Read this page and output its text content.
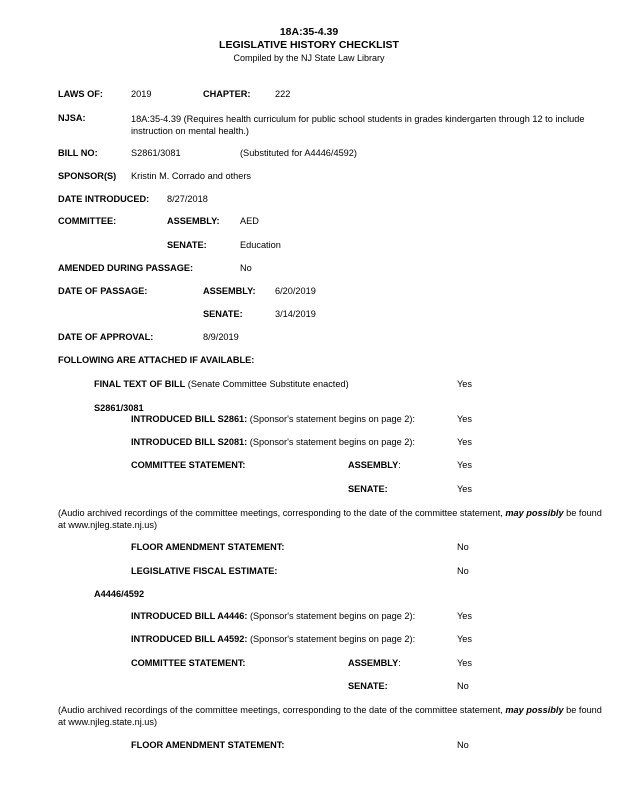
18A:35-4.39
LEGISLATIVE HISTORY CHECKLIST
Compiled by the NJ State Law Library
LAWS OF:	2019	CHAPTER:	222
NJSA:	18A:35-4.39 (Requires health curriculum for public school students in grades kindergarten through 12 to include instruction on mental health.)
BILL NO:	S2861/3081	(Substituted for A4446/4592)
SPONSOR(S) Kristin M. Corrado and others
DATE INTRODUCED: 8/27/2018
COMMITTEE:	ASSEMBLY: AED
SENATE:	Education
AMENDED DURING PASSAGE:	No
DATE OF PASSAGE:	ASSEMBLY: 6/20/2019
SENATE:	3/14/2019
DATE OF APPROVAL:	8/9/2019
FOLLOWING ARE ATTACHED IF AVAILABLE:
FINAL TEXT OF BILL (Senate Committee Substitute enacted)	Yes
S2861/3081
INTRODUCED BILL S2861: (Sponsor's statement begins on page 2):	Yes
INTRODUCED BILL S2081: (Sponsor's statement begins on page 2):	Yes
COMMITTEE STATEMENT:	ASSEMBLY:	Yes
SENATE:	Yes
(Audio archived recordings of the committee meetings, corresponding to the date of the committee statement, may possibly be found at www.njleg.state.nj.us)
FLOOR AMENDMENT STATEMENT:	No
LEGISLATIVE FISCAL ESTIMATE:	No
A4446/4592
INTRODUCED BILL A4446: (Sponsor's statement begins on page 2):	Yes
INTRODUCED BILL A4592: (Sponsor's statement begins on page 2):	Yes
COMMITTEE STATEMENT:	ASSEMBLY:	Yes
SENATE:	No
(Audio archived recordings of the committee meetings, corresponding to the date of the committee statement, may possibly be found at www.njleg.state.nj.us)
FLOOR AMENDMENT STATEMENT:	No
